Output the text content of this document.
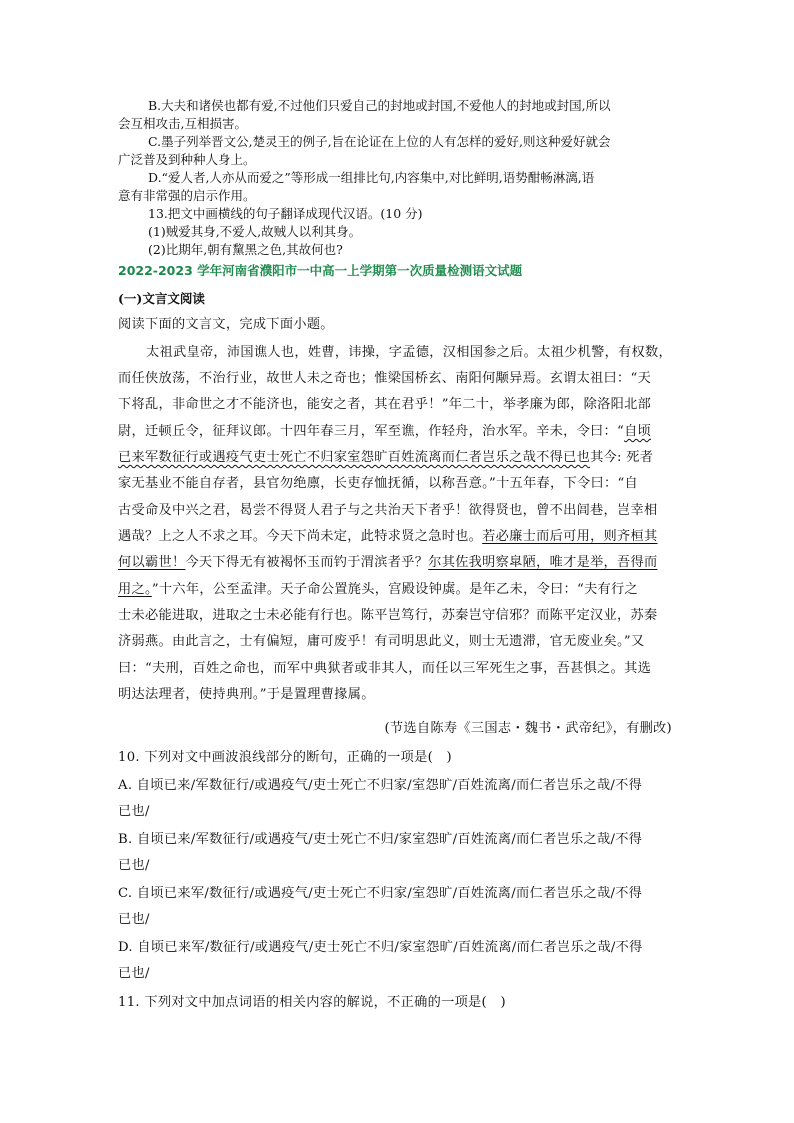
B.大夫和诸侯也都有爱,不过他们只爱自己的封地或封国,不爱他人的封地或封国,所以
会互相攻击,互相损害。
C.墨子列举晋文公,楚灵王的例子,旨在论证在上位的人有怎样的爱好,则这种爱好就会
广泛普及到种种人身上。
D.“爱人者,人亦从而爱之”等形成一组排比句,内容集中,对比鲜明,语势酣畅淋漓,语
意有非常强的启示作用。
13.把文中画横线的句子翻译成现代汉语。(10 分)
(1)贼爱其身,不爱人,故贼人以利其身。
(2)比期年,朝有黧黑之色,其故何也?
2022-2023 学年河南省濮阳市一中高一上学期第一次质量检测语文试题
(一)文言文阅读
阅读下面的文言文，完成下面小题。
太祖武皇帝，沛国谯人也，姓曹，讳操，字孟德，汉相国参之后。太祖少机警，有权数，
而任侠放荡，不治行业，故世人未之奇也；惟梁国桥玄、南阳何颙异焉。玄谓太祖曰：“天
下将乱，非命世之才不能济也，能安之者，其在君乎！”年二十，举孝廉为郎，除洛阳北部
尉，迁顿丘令，征拜议郎。十四年春三月，军至谯，作轻舟，治水军。辛未，令曰：“自顷
已来军数征行或遇疫气吏士死亡不归家室怨旷百姓流离而仁者岂乐之哉不得已也其今: 死者
家无基业不能自存者，县官勿绝廪，长吏存恤抚循，以称吾意。”十五年春，下令曰：“自
古受命及中兴之君，曷尝不得贤人君子与之共治天下者乎！欲得贤也，曾不出闾巷，岂幸相
遇哉？上之人不求之耳。今天下尚未定，此特求贤之急时也。若必廉士而后可用，则齐桓其
何以霸世！今天下得无有被褐怀玉而钓于渭滨者乎？尔其佐我明察皐陋，唯才是举，吾得而
用之。”十六年，公至孟津。天子命公置旄头，宫殿设钟虡。是年乙未，令曰：“夫有行之
士未必能进取，进取之士未必能有行也。陈平岂笃行，苏秦岂守信邪？而陈平定汉业，苏秦
济弱燕。由此言之，士有偏短，庸可废乎！有司明思此义，则士无遗滞，官无废业矣。”又
曰：“夫刑，百姓之命也，而军中典狱者或非其人，而任以三军死生之事，吾甚惧之。其选
明达法理者，使持典刑。”于是置理曹掾属。
(节选自陈寿《三国志・魏书・武帝纪》，有删改)
10. 下列对文中画波浪线部分的断句，正确的一项是(　)
A. 自顷已来/军数征行/或遇疫气/吏士死亡不归家/室怨旷/百姓流离/而仁者岂乐之哉/不得
已也/
B. 自顷已来/军数征行/或遇疫气/吏士死亡不归/家室怨旷/百姓流离/而仁者岂乐之哉/不得
已也/
C. 自顷已来军/数征行/或遇疫气/吏士死亡不归家/室怨旷/百姓流离/而仁者岂乐之哉/不得
已也/
D. 自顷已来军/数征行/或遇疫气/吏士死亡不归/家室怨旷/百姓流离/而仁者岂乐之哉/不得
已也/
11. 下列对文中加点词语的相关内容的解说，不正确的一项是(　)
